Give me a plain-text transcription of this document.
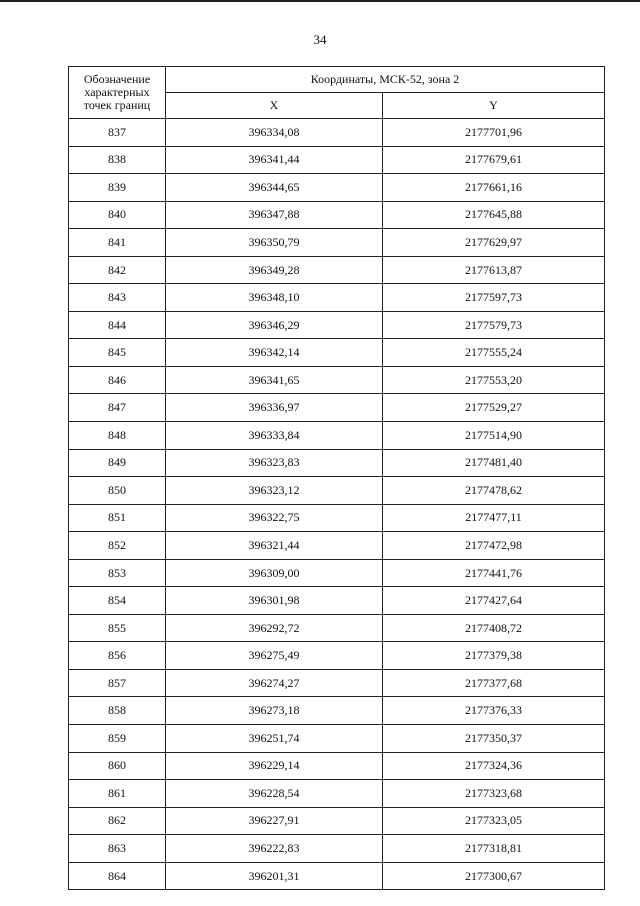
34
Обозначение характерных точек границ	Координаты, МСК-52, зона 2	
	X	Y
837	396334,08	2177701,96
838	396341,44	2177679,61
839	396344,65	2177661,16
840	396347,88	2177645,88
841	396350,79	2177629,97
842	396349,28	2177613,87
843	396348,10	2177597,73
844	396346,29	2177579,73
845	396342,14	2177555,24
846	396341,65	2177553,20
847	396336,97	2177529,27
848	396333,84	2177514,90
849	396323,83	2177481,40
850	396323,12	2177478,62
851	396322,75	2177477,11
852	396321,44	2177472,98
853	396309,00	2177441,76
854	396301,98	2177427,64
855	396292,72	2177408,72
856	396275,49	2177379,38
857	396274,27	2177377,68
858	396273,18	2177376,33
859	396251,74	2177350,37
860	396229,14	2177324,36
861	396228,54	2177323,68
862	396227,91	2177323,05
863	396222,83	2177318,81
864	396201,31	2177300,67
